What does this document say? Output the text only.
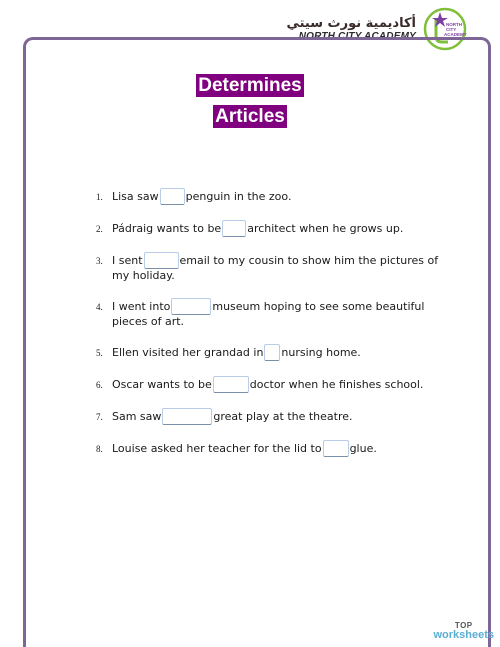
أكاديمية نورث سيتي
NORTH CITY ACADEMY
NORTH
CITY
ACADEMY
Determines
Articles
1. Lisa saw penguin in the zoo.
2. Pádraig wants to be architect when he grows up.
3. I sent	email to my cousin to show him the pictures of my holiday.
4. I went into	museum hoping to see some beautiful pieces of art.
5. Ellen visited her grandad in nursing home.
6. Oscar wants to be	doctor when he finishes school.
7. Sam saw	great play at the theatre.
8. Louise asked her teacher for the lid to	glue.
TOP
worksheets
